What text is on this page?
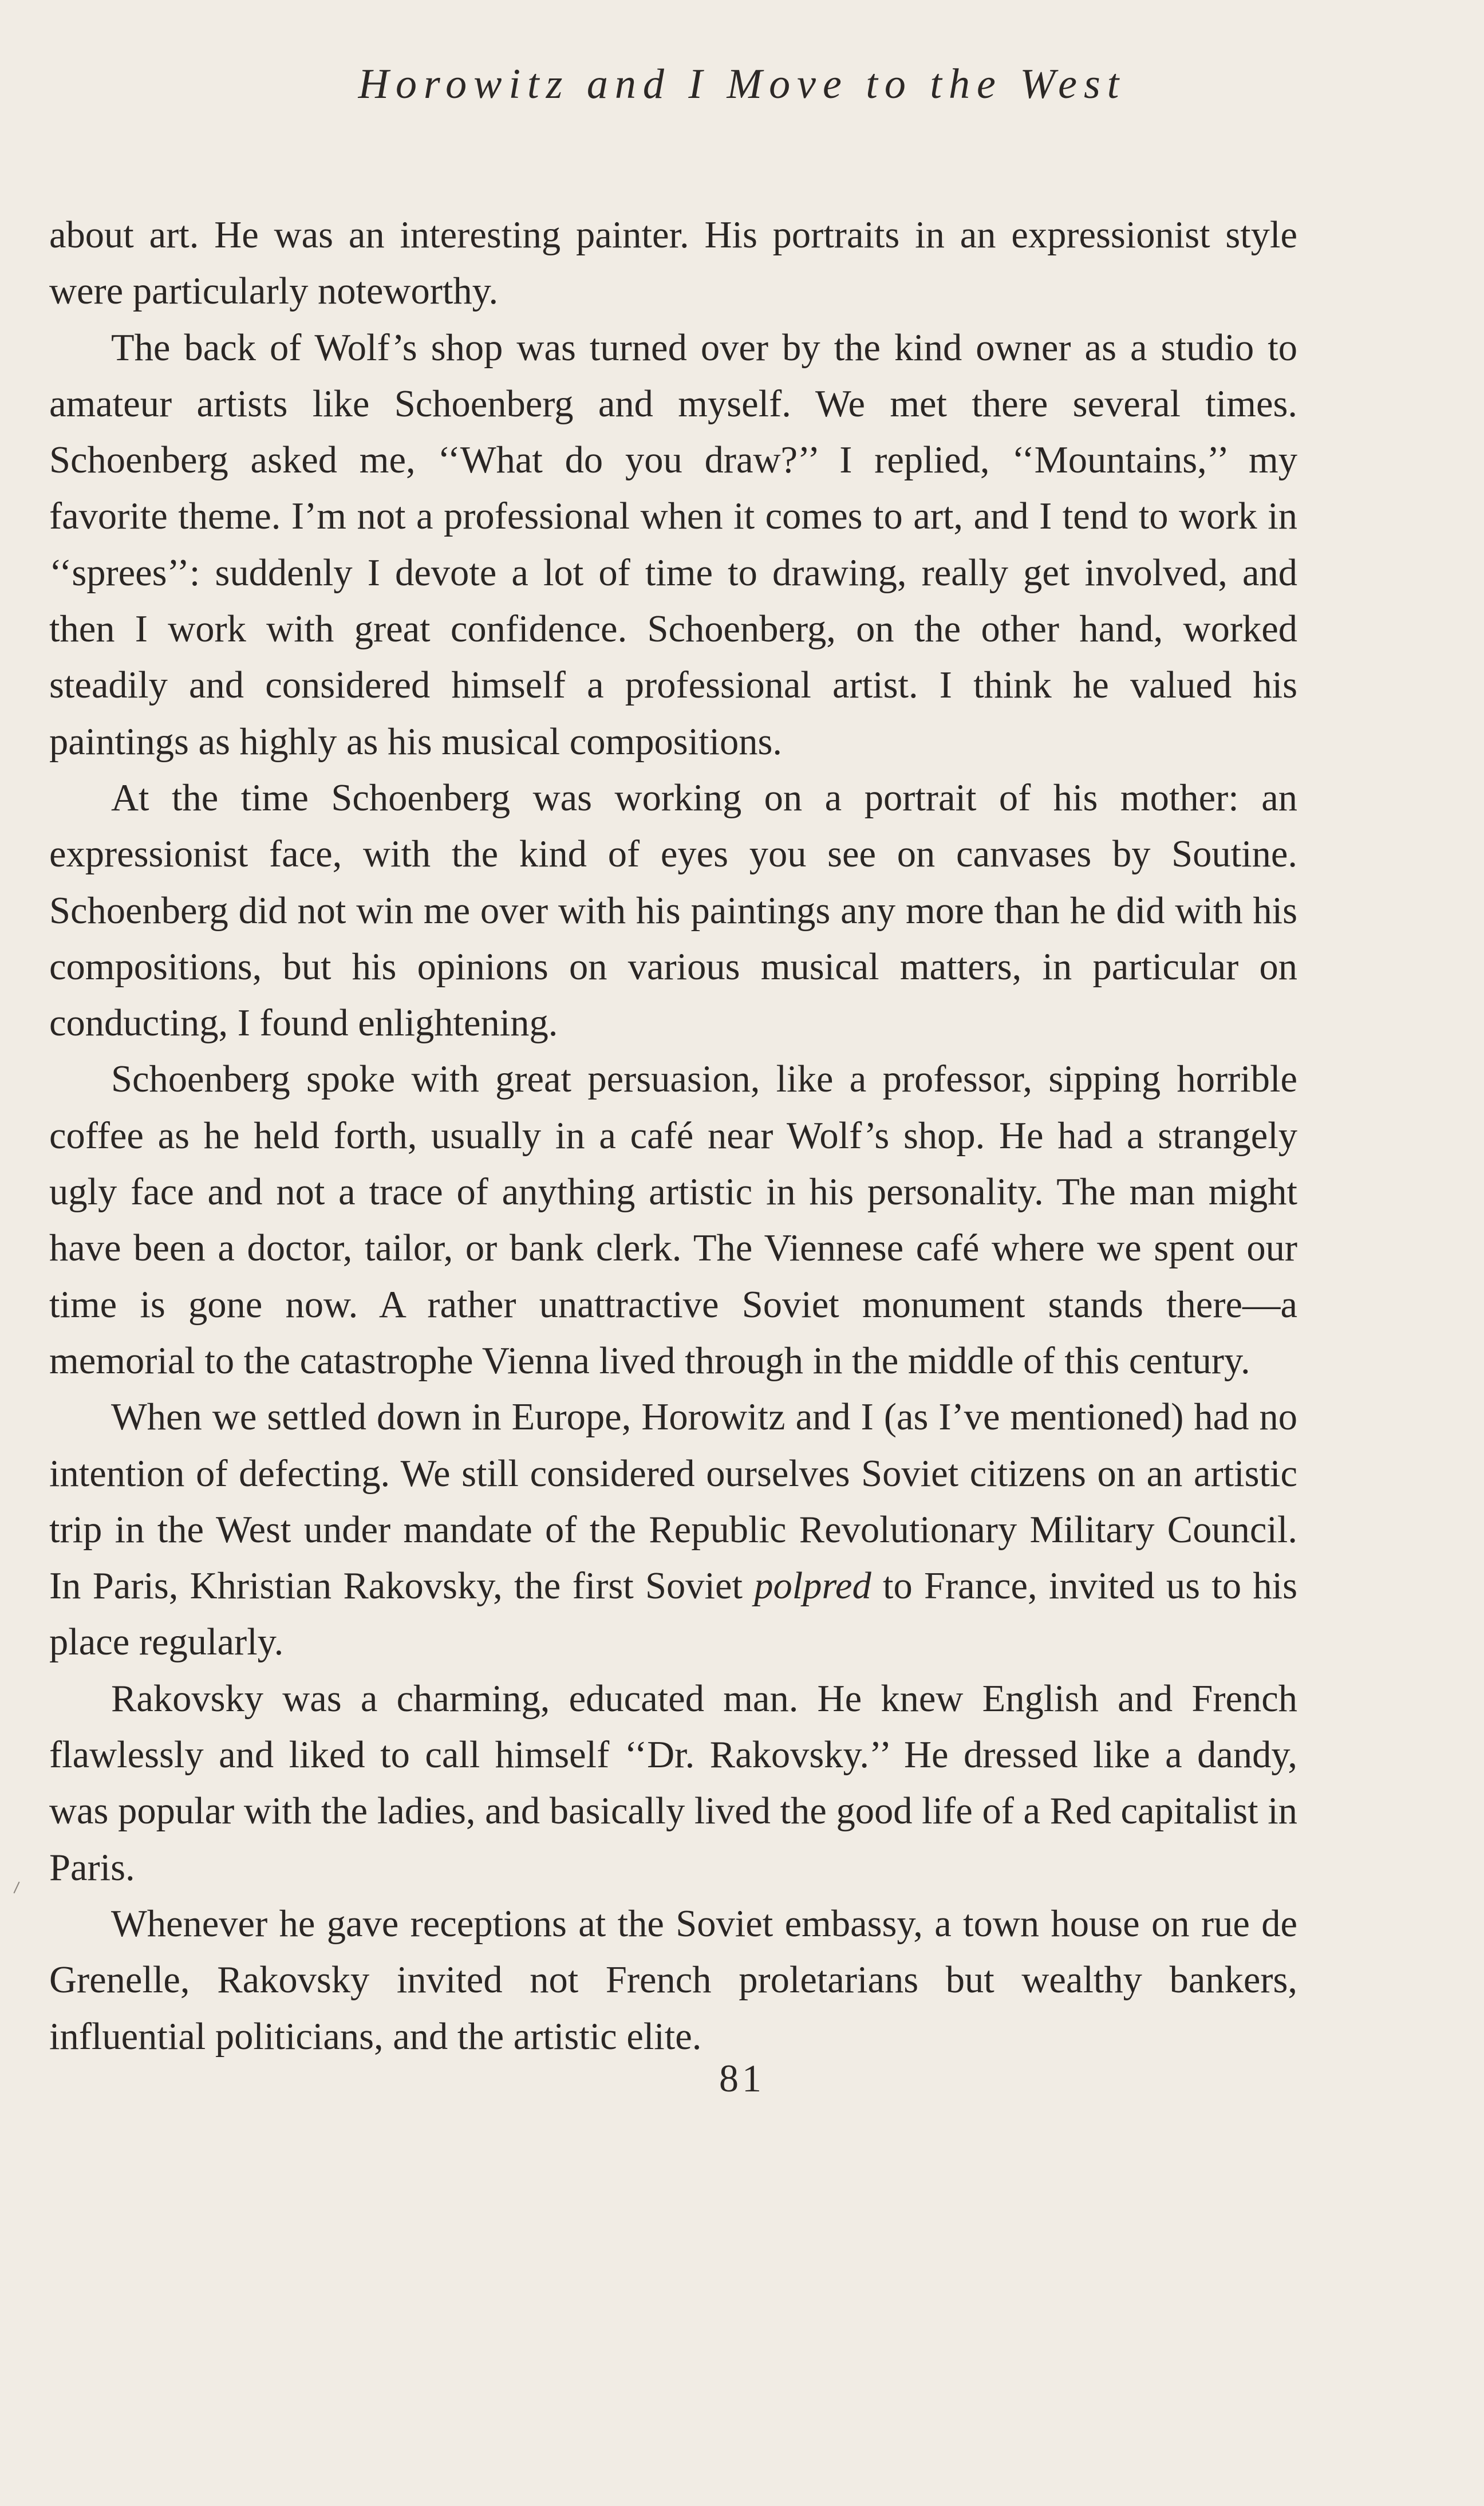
Horowitz and I Move to the West

about art. He was an interesting painter. His portraits in an expressionist style were particularly noteworthy.

The back of Wolf’s shop was turned over by the kind owner as a studio to amateur artists like Schoenberg and myself. We met there several times. Schoenberg asked me, ‘‘What do you draw?’’ I replied, ‘‘Mountains,’’ my favorite theme. I’m not a professional when it comes to art, and I tend to work in ‘‘sprees’’: suddenly I devote a lot of time to drawing, really get involved, and then I work with great confidence. Schoenberg, on the other hand, worked steadily and considered himself a professional artist. I think he valued his paintings as highly as his musical compositions.

At the time Schoenberg was working on a portrait of his mother: an expressionist face, with the kind of eyes you see on canvases by Soutine. Schoenberg did not win me over with his paintings any more than he did with his compositions, but his opinions on various musical matters, in particular on conducting, I found enlightening.

Schoenberg spoke with great persuasion, like a professor, sipping horrible coffee as he held forth, usually in a café near Wolf’s shop. He had a strangely ugly face and not a trace of anything artistic in his personality. The man might have been a doctor, tailor, or bank clerk. The Viennese café where we spent our time is gone now. A rather unattractive Soviet monument stands there—a memorial to the catastrophe Vienna lived through in the middle of this century.

When we settled down in Europe, Horowitz and I (as I’ve mentioned) had no intention of defecting. We still considered ourselves Soviet citizens on an artistic trip in the West under mandate of the Republic Revolutionary Military Council. In Paris, Khristian Rakovsky, the first Soviet polpred to France, invited us to his place regularly.

Rakovsky was a charming, educated man. He knew English and French flawlessly and liked to call himself ‘‘Dr. Rakovsky.’’ He dressed like a dandy, was popular with the ladies, and basically lived the good life of a Red capitalist in Paris.

Whenever he gave receptions at the Soviet embassy, a town house on rue de Grenelle, Rakovsky invited not French proletarians but wealthy bankers, influential politicians, and the artistic elite.

81
